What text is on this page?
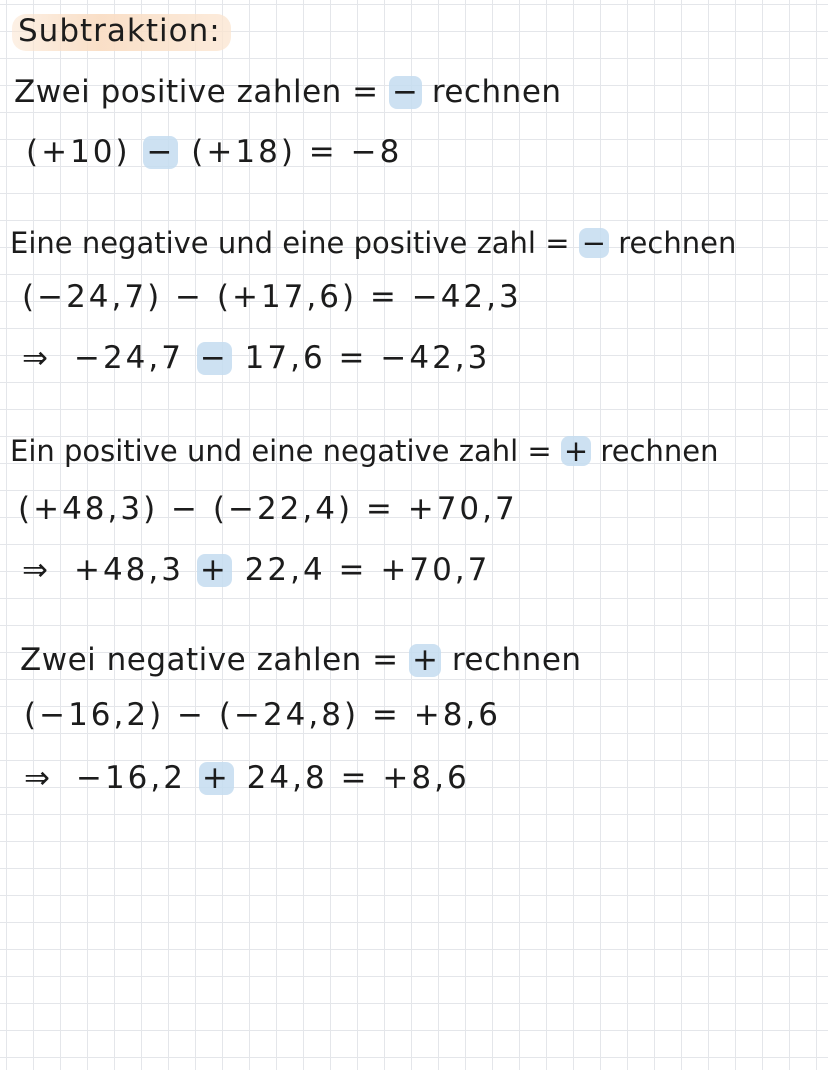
Subtraktion:
Zwei positive zahlen = − rechnen
(+10) − (+18) = −8
Eine negative und eine positive zahl = − rechnen
(−24,7) − (+17,6) = −42,3
⇒ −24,7 − 17,6 = −42,3
Ein positive und eine negative zahl = + rechnen
(+48,3) − (−22,4) = +70,7
⇒ +48,3 + 22,4 = +70,7
Zwei negative zahlen = + rechnen
(−16,2) − (−24,8) = +8,6
⇒ −16,2 + 24,8 = +8,6
